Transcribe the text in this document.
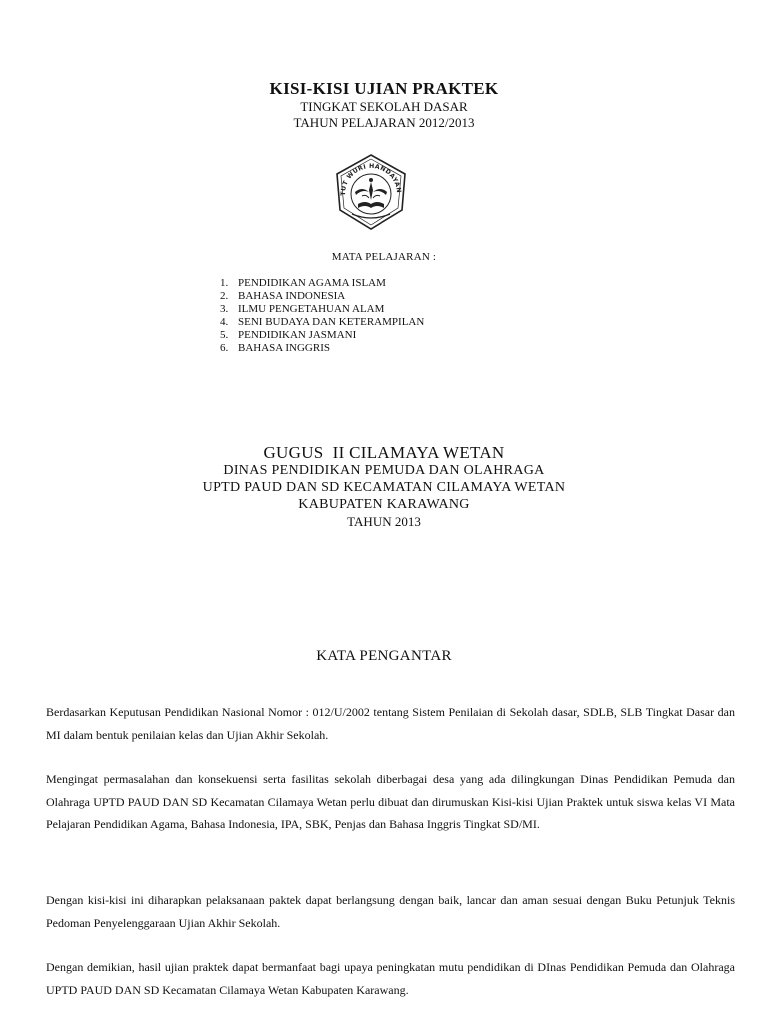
KISI-KISI UJIAN PRAKTEK
TINGKAT SEKOLAH DASAR
TAHUN PELAJARAN 2012/2013
TUT WURI HANDAYAN
MATA PELAJARAN :
1. PENDIDIKAN AGAMA ISLAM
2. BAHASA INDONESIA
3. ILMU PENGETAHUAN ALAM
4. SENI BUDAYA DAN KETERAMPILAN
5. PENDIDIKAN JASMANI
6. BAHASA INGGRIS
GUGUS  II CILAMAYA WETAN
DINAS PENDIDIKAN PEMUDA DAN OLAHRAGA
UPTD PAUD DAN SD KECAMATAN CILAMAYA WETAN
KABUPATEN KARAWANG
TAHUN 2013
KATA PENGANTAR

Berdasarkan Keputusan Pendidikan Nasional Nomor : 012/U/2002 tentang Sistem Penilaian di Sekolah dasar, SDLB, SLB Tingkat Dasar dan MI dalam bentuk penilaian kelas dan Ujian Akhir Sekolah.

Mengingat permasalahan dan konsekuensi serta fasilitas sekolah diberbagai desa yang ada dilingkungan Dinas Pendidikan Pemuda dan Olahraga UPTD PAUD DAN SD Kecamatan Cilamaya Wetan perlu dibuat dan dirumuskan Kisi-kisi Ujian Praktek untuk siswa kelas VI Mata Pelajaran Pendidikan Agama, Bahasa Indonesia, IPA, SBK, Penjas dan Bahasa Inggris Tingkat SD/MI.

Dengan kisi-kisi ini diharapkan pelaksanaan paktek dapat berlangsung dengan baik, lancar dan aman sesuai dengan Buku Petunjuk Teknis Pedoman Penyelenggaraan Ujian Akhir Sekolah.

Dengan demikian, hasil ujian praktek dapat bermanfaat bagi upaya peningkatan mutu pendidikan di DInas Pendidikan Pemuda dan Olahraga UPTD PAUD DAN SD Kecamatan Cilamaya Wetan Kabupaten Karawang.
